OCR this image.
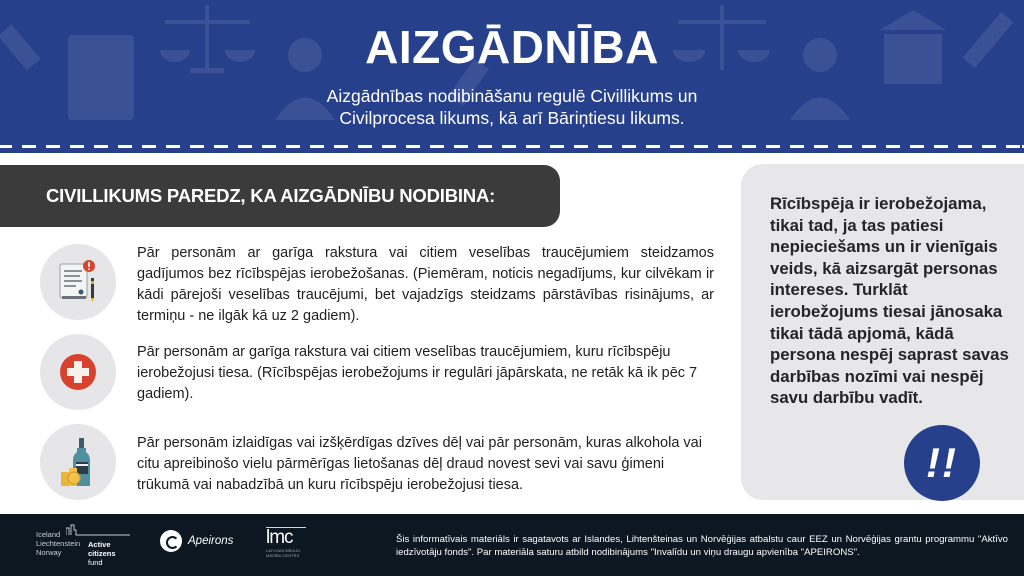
AIZGĀDNĪBA
Aizgādnības nodibināšanu regulē Civillikums un
Civilprocesa likums, kā arī Bāriņtiesu likums.
CIVILLIKUMS PAREDZ, KA AIZGĀDNĪBU NODIBINA:
Pār personām ar garīga rakstura vai citiem veselības traucējumiem steidzamos gadījumos bez rīcībspējas ierobežošanas. (Piemēram, noticis negadījums, kur cilvēkam ir kādi pārejoši veselības traucējumi, bet vajadzīgs steidzams pārstāvības risinājums, ar termiņu - ne ilgāk kā uz 2 gadiem).
Pār personām ar garīga rakstura vai citiem veselības traucējumiem, kuru rīcībspēju ierobežojusi tiesa. (Rīcībspējas ierobežojums ir regulāri jāpārskata, ne retāk kā ik pēc 7 gadiem).
Pār personām izlaidīgas vai izšķērdīgas dzīves dēļ vai pār personām, kuras alkohola vai citu apreibinošo vielu pārmērīgas lietošanas dēļ draud novest sevi vai savu ģimeni trūkumā vai nabadzībā un kuru rīcībspēju ierobežojusi tiesa.
Rīcībspēja ir ierobežojama, tikai tad, ja tas patiesi nepieciešams un ir vienīgais veids, kā aizsargāt personas intereses. Turklāt ierobežojums tiesai jānosaka tikai tādā apjomā, kādā persona nespēj saprast savas darbības nozīmi vai nespēj savu darbību vadīt.
!!
Iceland
Liechtenstein
Norway
Active
citizens fund
Apeirons lmc
LATVIJAS MEDIJU
MĀCĪBU CENTRS
Šis informatīvais materiāls ir sagatavots ar Islandes, Lihtenšteinas un Norvēģijas atbalstu caur EEZ un Norvēģijas grantu programmu "Aktīvo iedzīvotāju fonds". Par materiāla saturu atbild nodibinājums "Invalīdu un viņu draugu apvienība "APEIRONS".
